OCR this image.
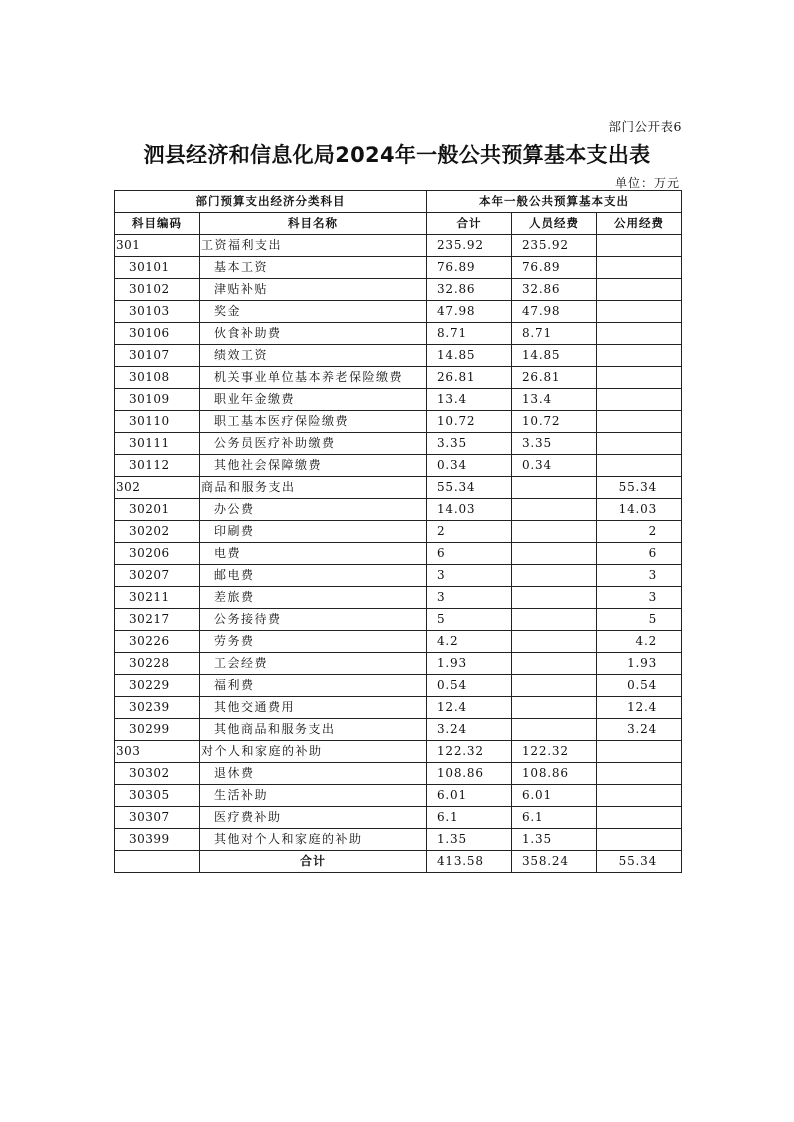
部门公开表6
泗县经济和信息化局2024年一般公共预算基本支出表
单位：万元
部门预算支出经济分类科目		本年一般公共预算基本支出		
科目编码	科目名称	合计	人员经费	公用经费
301	工资福利支出	235.92	235.92	
30101	基本工资	76.89	76.89	
30102	津贴补贴	32.86	32.86	
30103	奖金	47.98	47.98	
30106	伙食补助费	8.71	8.71	
30107	绩效工资	14.85	14.85	
30108	机关事业单位基本养老保险缴费	26.81	26.81	
30109	职业年金缴费	13.4	13.4	
30110	职工基本医疗保险缴费	10.72	10.72	
30111	公务员医疗补助缴费	3.35	3.35	
30112	其他社会保障缴费	0.34	0.34	
302	商品和服务支出	55.34		55.34
30201	办公费	14.03		14.03
30202	印刷费	2		2
30206	电费	6		6
30207	邮电费	3		3
30211	差旅费	3		3
30217	公务接待费	5		5
30226	劳务费	4.2		4.2
30228	工会经费	1.93		1.93
30229	福利费	0.54		0.54
30239	其他交通费用	12.4		12.4
30299	其他商品和服务支出	3.24		3.24
303	对个人和家庭的补助	122.32	122.32	
30302	退休费	108.86	108.86	
30305	生活补助	6.01	6.01	
30307	医疗费补助	6.1	6.1	
30399	其他对个人和家庭的补助	1.35	1.35	
	合计	413.58	358.24	55.34
